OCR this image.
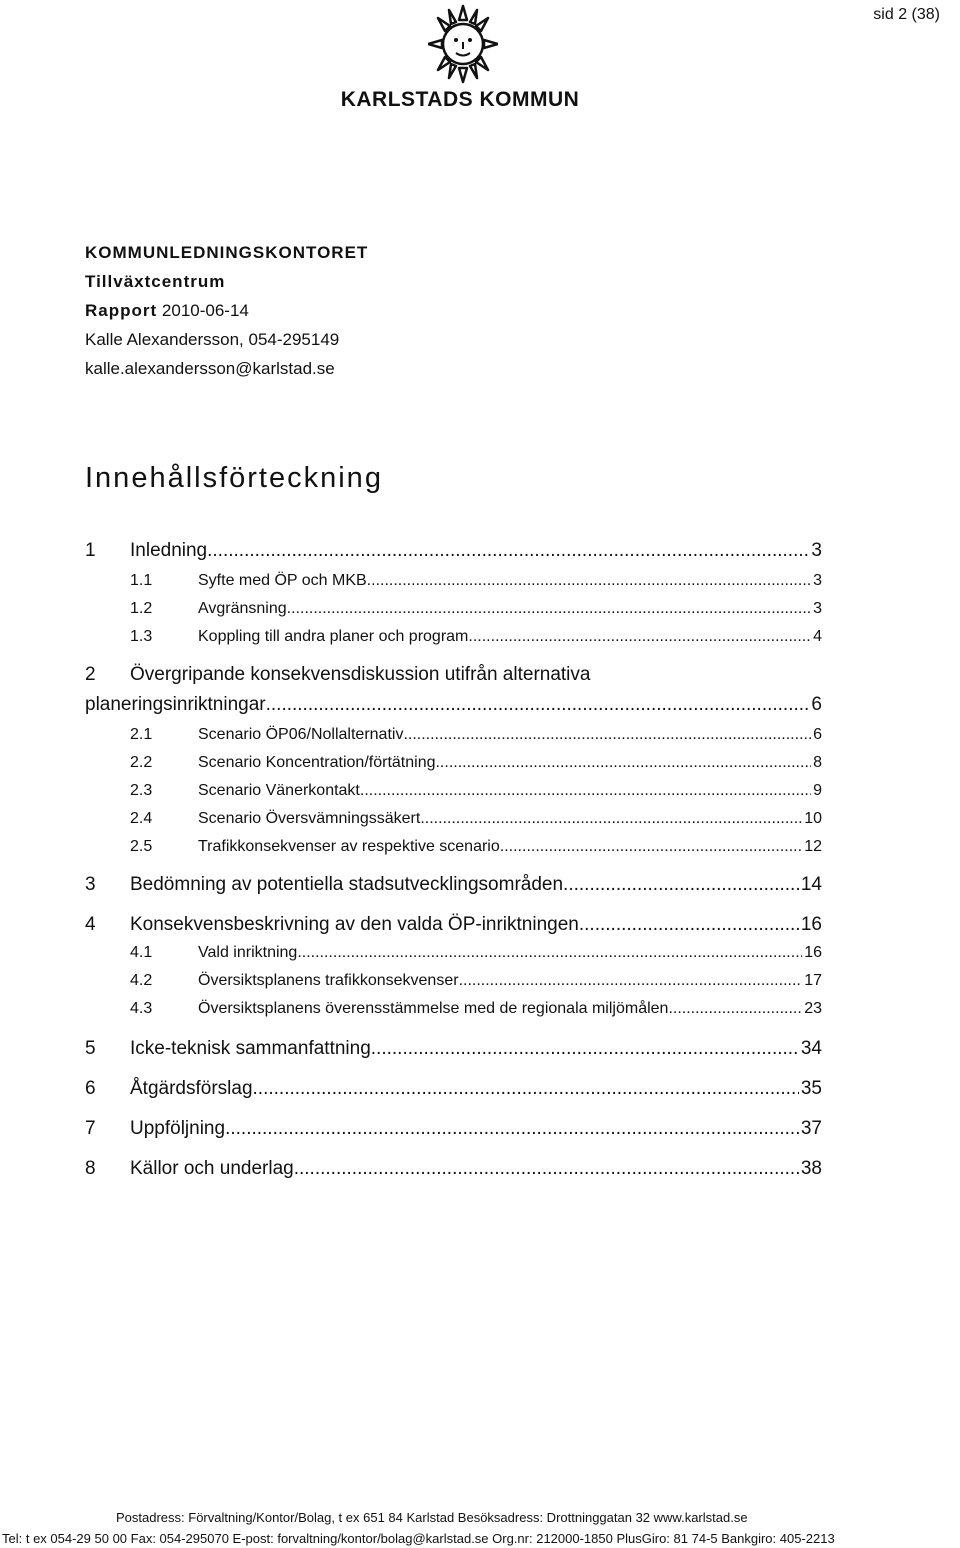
sid 2 (38)
KARLSTADS KOMMUN
KOMMUNLEDNINGSKONTORET
Tillväxtcentrum
Rapport 2010-06-14
Kalle Alexandersson, 054-295149
kalle.alexandersson@karlstad.se
Innehållsförteckning
1	Inledning .....	3
1.1	Syfte med ÖP och MKB .....	3
1.2	Avgränsning .....	3
1.3	Koppling till andra planer och program .....	4
2	Övergripande konsekvensdiskussion utifrån alternativa
planeringsinriktningar .....	6
2.1	Scenario ÖP06/Nollalternativ .....	6
2.2	Scenario Koncentration/förtätning .....	8
2.3	Scenario Vänerkontakt .....	9
2.4	Scenario Översvämningssäkert .....	10
2.5	Trafikkonsekvenser av respektive scenario .....	12
3	Bedömning av potentiella stadsutvecklingsområden .....	14
4	Konsekvensbeskrivning av den valda ÖP-inriktningen .....	16
4.1	Vald inriktning .....	16
4.2	Översiktsplanens trafikkonsekvenser .....	17
4.3	Översiktsplanens överensstämmelse med de regionala miljömålen .....	23
5	Icke-teknisk sammanfattning .....	34
6	Åtgärdsförslag .....	35
7	Uppföljning .....	37
8	Källor och underlag .....	38
Postadress: Förvaltning/Kontor/Bolag, t ex 651 84 Karlstad Besöksadress: Drottninggatan 32 www.karlstad.se
Tel: t ex 054-29 50 00 Fax: 054-295070 E-post: forvaltning/kontor/bolag@karlstad.se Org.nr: 212000-1850 PlusGiro: 81 74-5 Bankgiro: 405-2213
